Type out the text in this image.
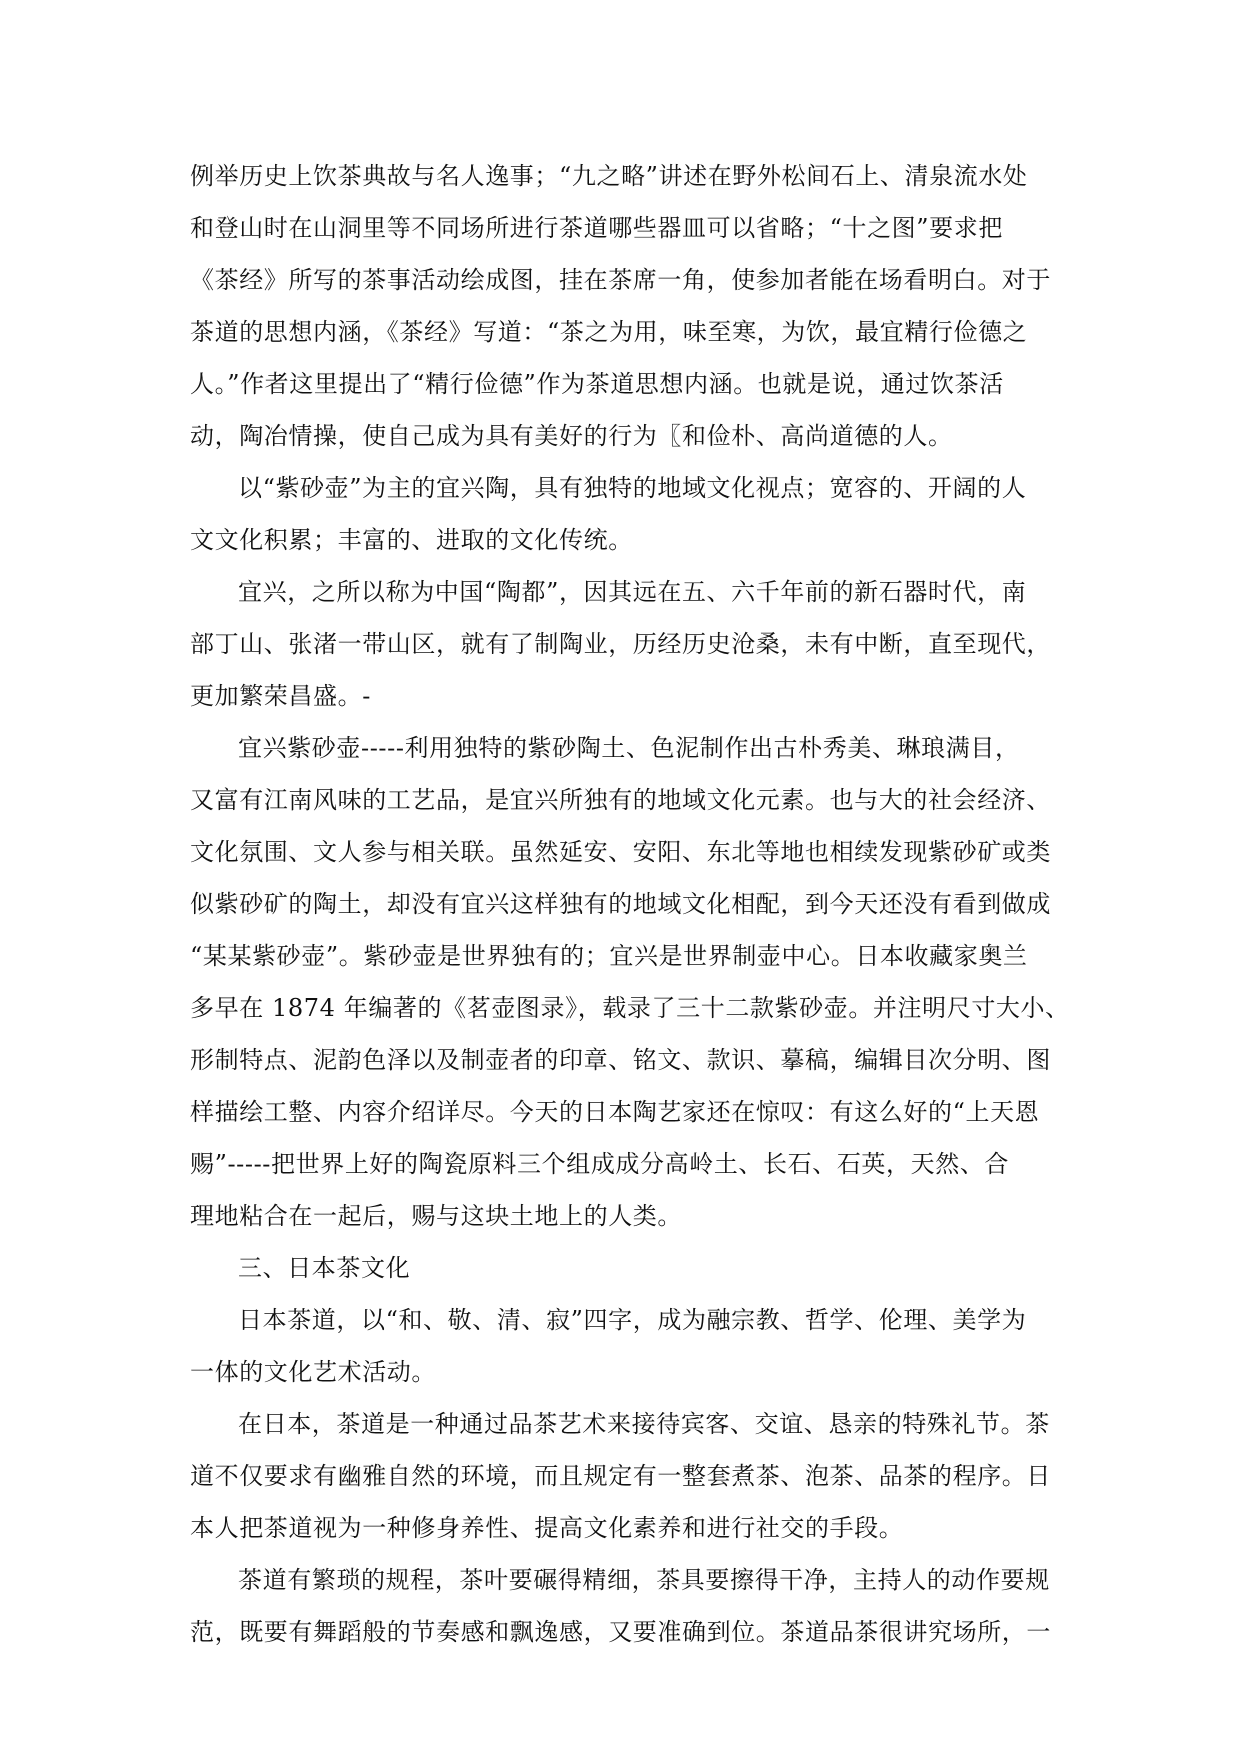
例举历史上饮茶典故与名人逸事；“九之略”讲述在野外松间石上、清泉流水处
和登山时在山洞里等不同场所进行茶道哪些器皿可以省略；“十之图”要求把
《茶经》所写的茶事活动绘成图，挂在茶席一角，使参加者能在场看明白。对于
茶道的思想内涵，《茶经》写道：“茶之为用，味至寒，为饮，最宜精行俭德之
人。”作者这里提出了“精行俭德”作为茶道思想内涵。也就是说，通过饮茶活
动，陶冶情操，使自己成为具有美好的行为〖和俭朴、高尚道德的人。
以“紫砂壶”为主的宜兴陶，具有独特的地域文化视点；宽容的、开阔的人
文文化积累；丰富的、进取的文化传统。
宜兴，之所以称为中国“陶都”，因其远在五、六千年前的新石器时代，南
部丁山、张渚一带山区，就有了制陶业，历经历史沧桑，未有中断，直至现代，
更加繁荣昌盛。-
宜兴紫砂壶-----利用独特的紫砂陶土、色泥制作出古朴秀美、琳琅满目，
又富有江南风味的工艺品，是宜兴所独有的地域文化元素。也与大的社会经济、
文化氛围、文人参与相关联。虽然延安、安阳、东北等地也相续发现紫砂矿或类
似紫砂矿的陶土，却没有宜兴这样独有的地域文化相配，到今天还没有看到做成
“某某紫砂壶”。紫砂壶是世界独有的；宜兴是世界制壶中心。日本收藏家奥兰
多早在 1874 年编著的《茗壶图录》，载录了三十二款紫砂壶。并注明尺寸大小、
形制特点、泥韵色泽以及制壶者的印章、铭文、款识、摹稿，编辑目次分明、图
样描绘工整、内容介绍详尽。今天的日本陶艺家还在惊叹：有这么好的“上天恩
赐”-----把世界上好的陶瓷原料三个组成成分高岭土、长石、石英，天然、合
理地粘合在一起后，赐与这块土地上的人类。
三、日本茶文化
日本茶道，以“和、敬、清、寂”四字，成为融宗教、哲学、伦理、美学为
一体的文化艺术活动。
在日本，茶道是一种通过品茶艺术来接待宾客、交谊、恳亲的特殊礼节。茶
道不仅要求有幽雅自然的环境，而且规定有一整套煮茶、泡茶、品茶的程序。日
本人把茶道视为一种修身养性、提高文化素养和进行社交的手段。
茶道有繁琐的规程，茶叶要碾得精细，茶具要擦得干净，主持人的动作要规
范，既要有舞蹈般的节奏感和飘逸感，又要准确到位。茶道品茶很讲究场所，一
